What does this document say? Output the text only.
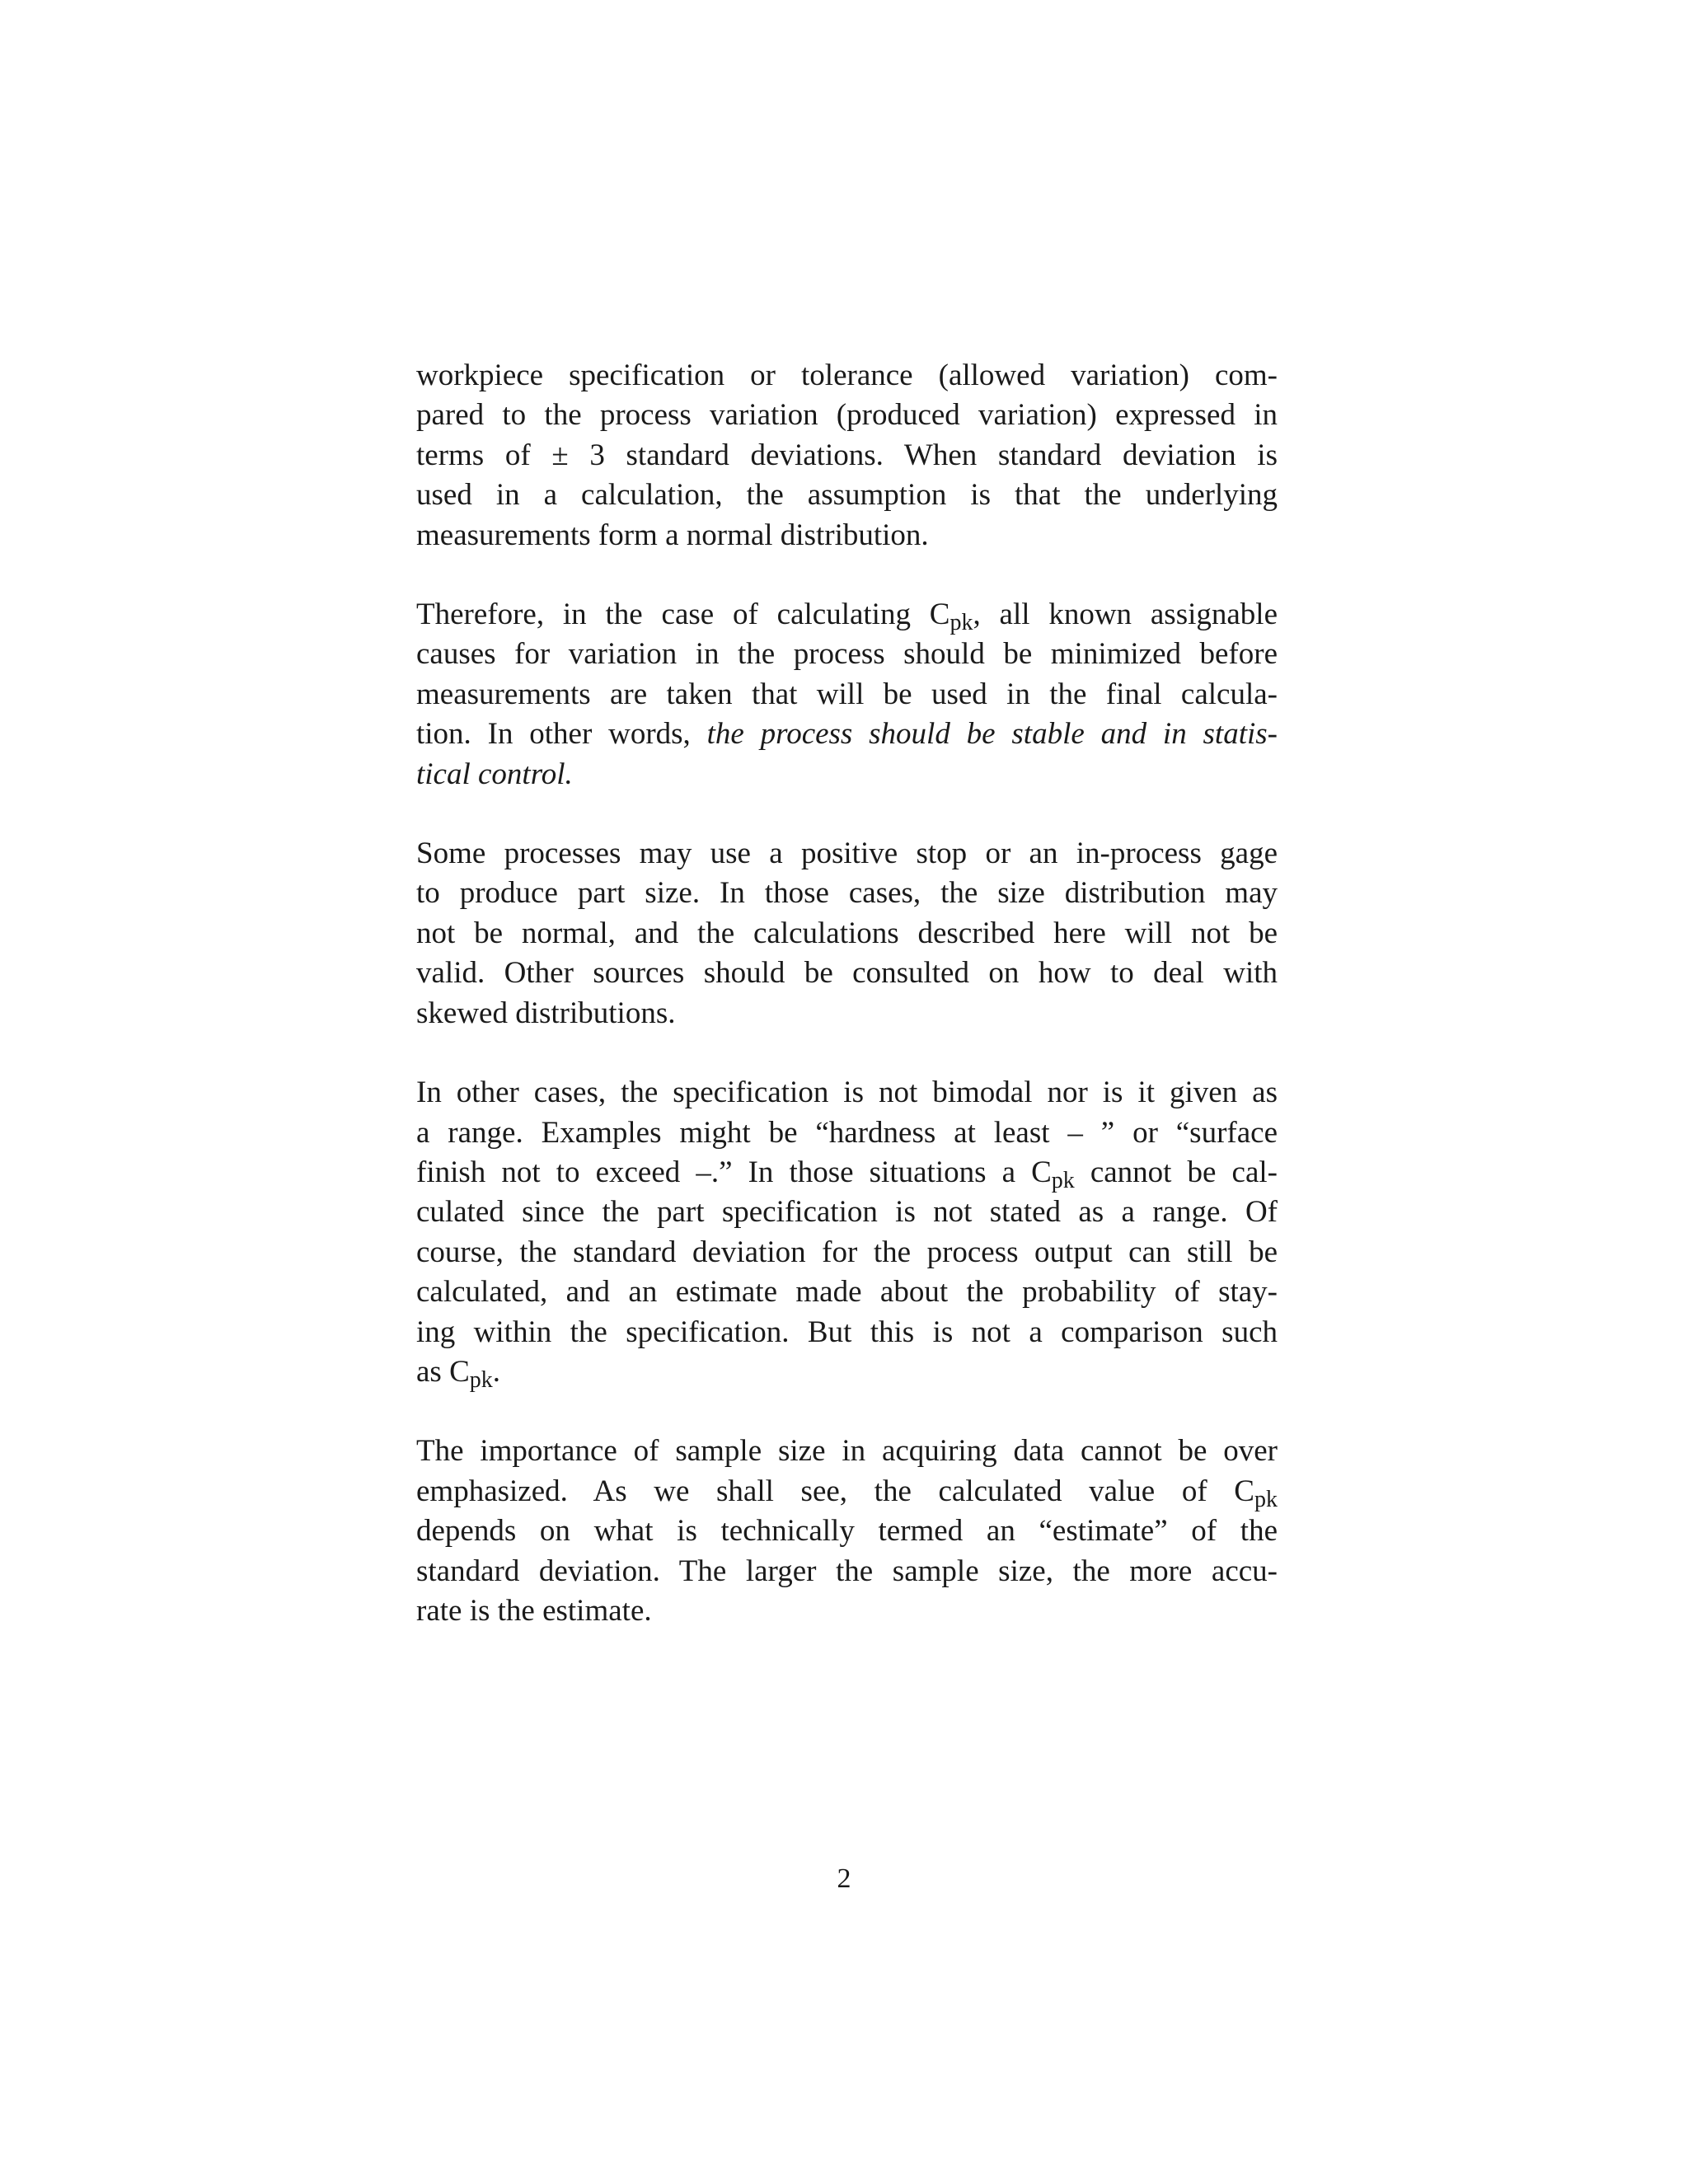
workpiece specification or tolerance (allowed variation) com-
pared to the process variation (produced variation) expressed in
terms of ± 3 standard deviations. When standard deviation is
used in a calculation, the assumption is that the underlying
measurements form a normal distribution.

Therefore, in the case of calculating Cpk, all known assignable
causes for variation in the process should be minimized before
measurements are taken that will be used in the final calcula-
tion. In other words, the process should be stable and in statis-
tical control.

Some processes may use a positive stop or an in-process gage
to produce part size. In those cases, the size distribution may
not be normal, and the calculations described here will not be
valid. Other sources should be consulted on how to deal with
skewed distributions.

In other cases, the specification is not bimodal nor is it given as
a range. Examples might be “hardness at least – ” or “surface
finish not to exceed –.” In those situations a Cpk cannot be cal-
culated since the part specification is not stated as a range. Of
course, the standard deviation for the process output can still be
calculated, and an estimate made about the probability of stay-
ing within the specification. But this is not a comparison such
as Cpk.

The importance of sample size in acquiring data cannot be over
emphasized. As we shall see, the calculated value of Cpk
depends on what is technically termed an “estimate” of the
standard deviation. The larger the sample size, the more accu-
rate is the estimate.

2
